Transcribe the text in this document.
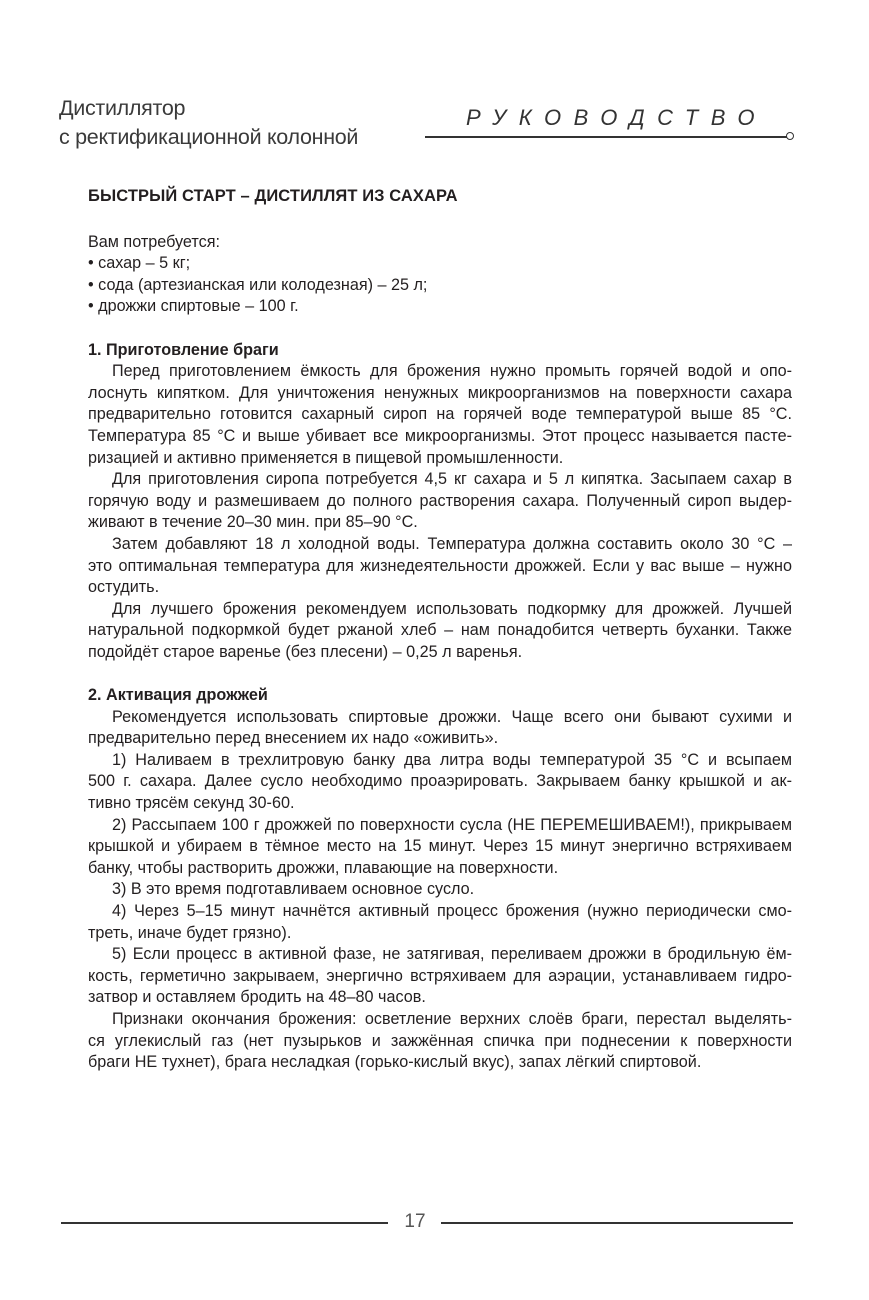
Дистиллятор
с ректификационной колонной
РУКОВОДСТВО
БЫСТРЫЙ СТАРТ – ДИСТИЛЛЯТ ИЗ САХАРА
Вам потребуется:
• сахар – 5 кг;
• сода (артезианская или колодезная) – 25 л;
• дрожжи спиртовые – 100 г.
1. Приготовление браги
Перед приготовлением ёмкость для брожения нужно промыть горячей водой и опо-
лоснуть кипятком. Для уничтожения ненужных микроорганизмов на поверхности сахара
предварительно готовится сахарный сироп на горячей воде температурой выше 85 °С.
Температура 85 °С и выше убивает все микроорганизмы. Этот процесс называется пасте-
ризацией и активно применяется в пищевой промышленности.
Для приготовления сиропа потребуется 4,5 кг сахара и 5 л кипятка. Засыпаем сахар в
горячую воду и размешиваем до полного растворения сахара. Полученный сироп выдер-
живают в течение 20–30 мин. при 85–90 °С.
Затем добавляют 18 л холодной воды. Температура должна составить около 30 °С –
это оптимальная температура для жизнедеятельности дрожжей. Если у вас выше – нужно
остудить.
Для лучшего брожения рекомендуем использовать подкормку для дрожжей. Лучшей
натуральной подкормкой будет ржаной хлеб – нам понадобится четверть буханки. Также
подойдёт старое варенье (без плесени) – 0,25 л варенья.
2. Активация дрожжей
Рекомендуется использовать спиртовые дрожжи. Чаще всего они бывают сухими и
предварительно перед внесением их надо «оживить».
1) Наливаем в трехлитровую банку два литра воды температурой 35 °С и всыпаем
500 г. сахара. Далее сусло необходимо проаэрировать. Закрываем банку крышкой и ак-
тивно трясём секунд 30-60.
2) Рассыпаем 100 г дрожжей по поверхности сусла (НЕ ПЕРЕМЕШИВАЕМ!), прикрываем
крышкой и убираем в тёмное место на 15 минут. Через 15 минут энергично встряхиваем
банку, чтобы растворить дрожжи, плавающие на поверхности.
3) В это время подготавливаем основное сусло.
4) Через 5–15 минут начнётся активный процесс брожения (нужно периодически смо-
треть, иначе будет грязно).
5) Если процесс в активной фазе, не затягивая, переливаем дрожжи в бродильную ём-
кость, герметично закрываем, энергично встряхиваем для аэрации, устанавливаем гидро-
затвор и оставляем бродить на 48–80 часов.
Признаки окончания брожения: осветление верхних слоёв браги, перестал выделять-
ся углекислый газ (нет пузырьков и зажжённая спичка при поднесении к поверхности
браги НЕ тухнет), брага несладкая (горько-кислый вкус), запах лёгкий спиртовой.
17
